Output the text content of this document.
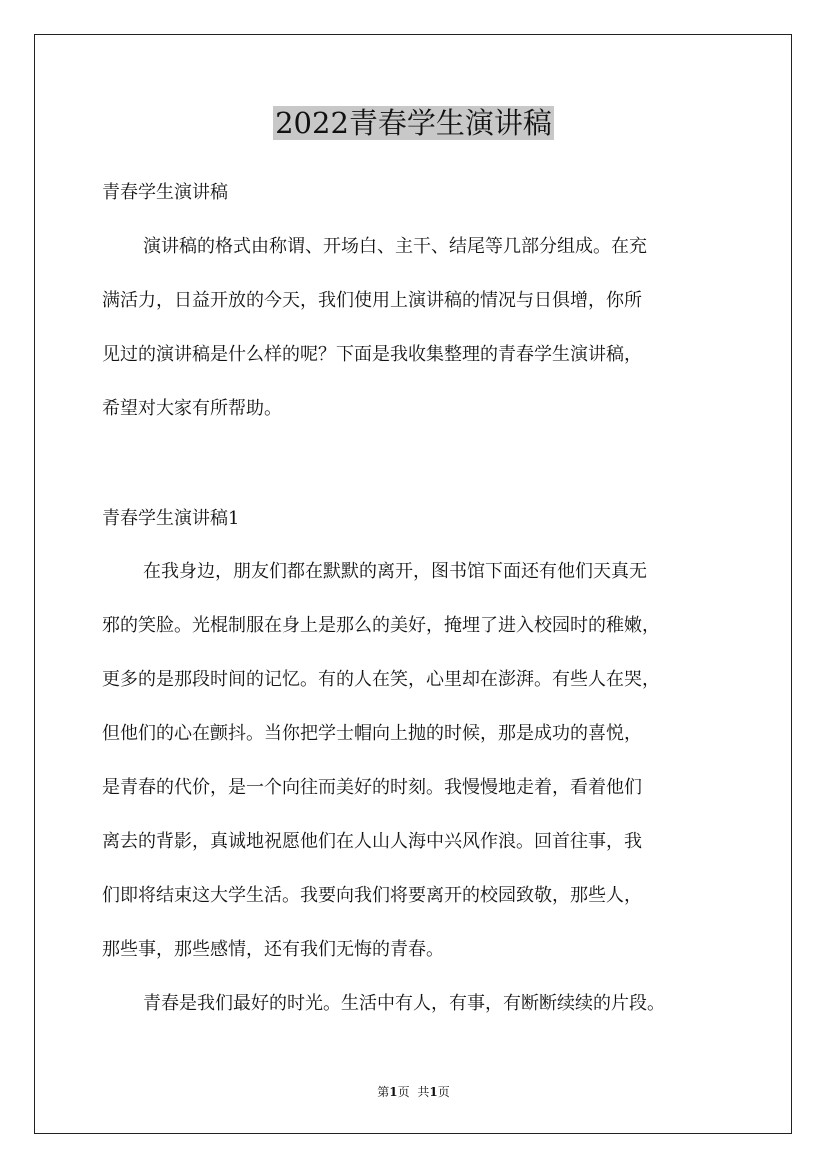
2022青春学生演讲稿

青春学生演讲稿

演讲稿的格式由称谓、开场白、主干、结尾等几部分组成。在充
满活力，日益开放的今天，我们使用上演讲稿的情况与日俱增，你所
见过的演讲稿是什么样的呢？下面是我收集整理的青春学生演讲稿，
希望对大家有所帮助。

青春学生演讲稿1

在我身边，朋友们都在默默的离开，图书馆下面还有他们天真无
邪的笑脸。光棍制服在身上是那么的美好，掩埋了进入校园时的稚嫩，
更多的是那段时间的记忆。有的人在笑，心里却在澎湃。有些人在哭，
但他们的心在颤抖。当你把学士帽向上抛的时候，那是成功的喜悦，
是青春的代价，是一个向往而美好的时刻。我慢慢地走着，看着他们
离去的背影，真诚地祝愿他们在人山人海中兴风作浪。回首往事，我
们即将结束这大学生活。我要向我们将要离开的校园致敬，那些人，
那些事，那些感情，还有我们无悔的青春。
青春是我们最好的时光。生活中有人，有事，有断断续续的片段。

第1页 共1页
